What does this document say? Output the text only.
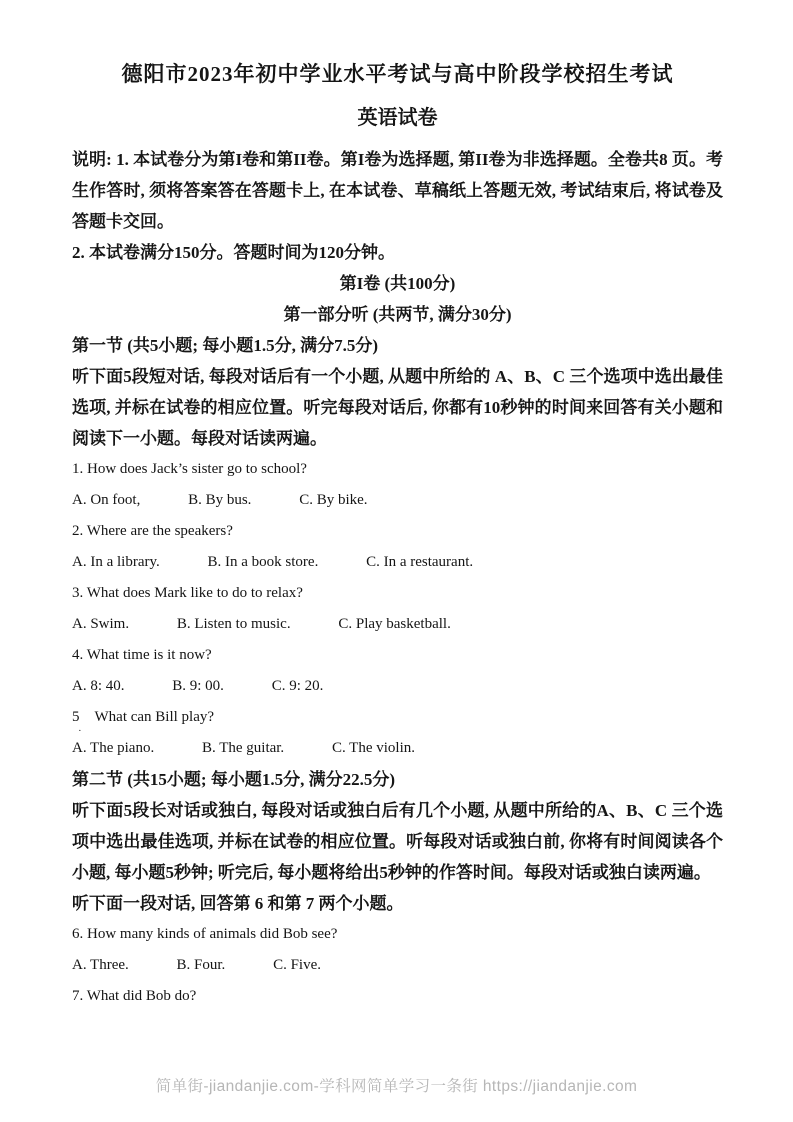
德阳市2023年初中学业水平考试与高中阶段学校招生考试
英语试卷

说明: 1. 本试卷分为第I卷和第II卷。第I卷为选择题, 第II卷为非选择题。全卷共8 页。考生作答时, 须将答案答在答题卡上, 在本试卷、草稿纸上答题无效, 考试结束后, 将试卷及答题卡交回。

2. 本试卷满分150分。答题时间为120分钟。

第I卷 (共100分)
第一部分听 (共两节, 满分30分)
第一节 (共5小题; 每小题1.5分, 满分7.5分)

听下面5段短对话, 每段对话后有一个小题, 从题中所给的 A、B、C 三个选项中选出最佳选项, 并标在试卷的相应位置。听完每段对话后, 你都有10秒钟的时间来回答有关小题和阅读下一小题。每段对话读两遍。

1. How does Jack’s sister go to school?
A. On foot,	B. By bus.	C. By bike.
2. Where are the speakers?
A. In a library.	B. In a book store.	C. In a restaurant.
3. What does Mark like to do to relax?
A. Swim.	B. Listen to music.	C. Play basketball.
4. What time is it now?
A. 8: 40.	B. 9: 00.	C. 9: 20.
5　What can Bill play?
·
A. The piano.	B. The guitar.	C. The violin.
第二节 (共15小题; 每小题1.5分, 满分22.5分)

听下面5段长对话或独白, 每段对话或独白后有几个小题, 从题中所给的A、B、C 三个选项中选出最佳选项, 并标在试卷的相应位置。听每段对话或独白前, 你将有时间阅读各个小题, 每小题5秒钟; 听完后, 每小题将给出5秒钟的作答时间。每段对话或独白读两遍。

听下面一段对话, 回答第 6 和第 7 两个小题。
6. How many kinds of animals did Bob see?
A. Three.	B. Four.	C. Five.
7. What did Bob do?
简单街-jiandanjie.com-学科网简单学习一条街 https://jiandanjie.com
